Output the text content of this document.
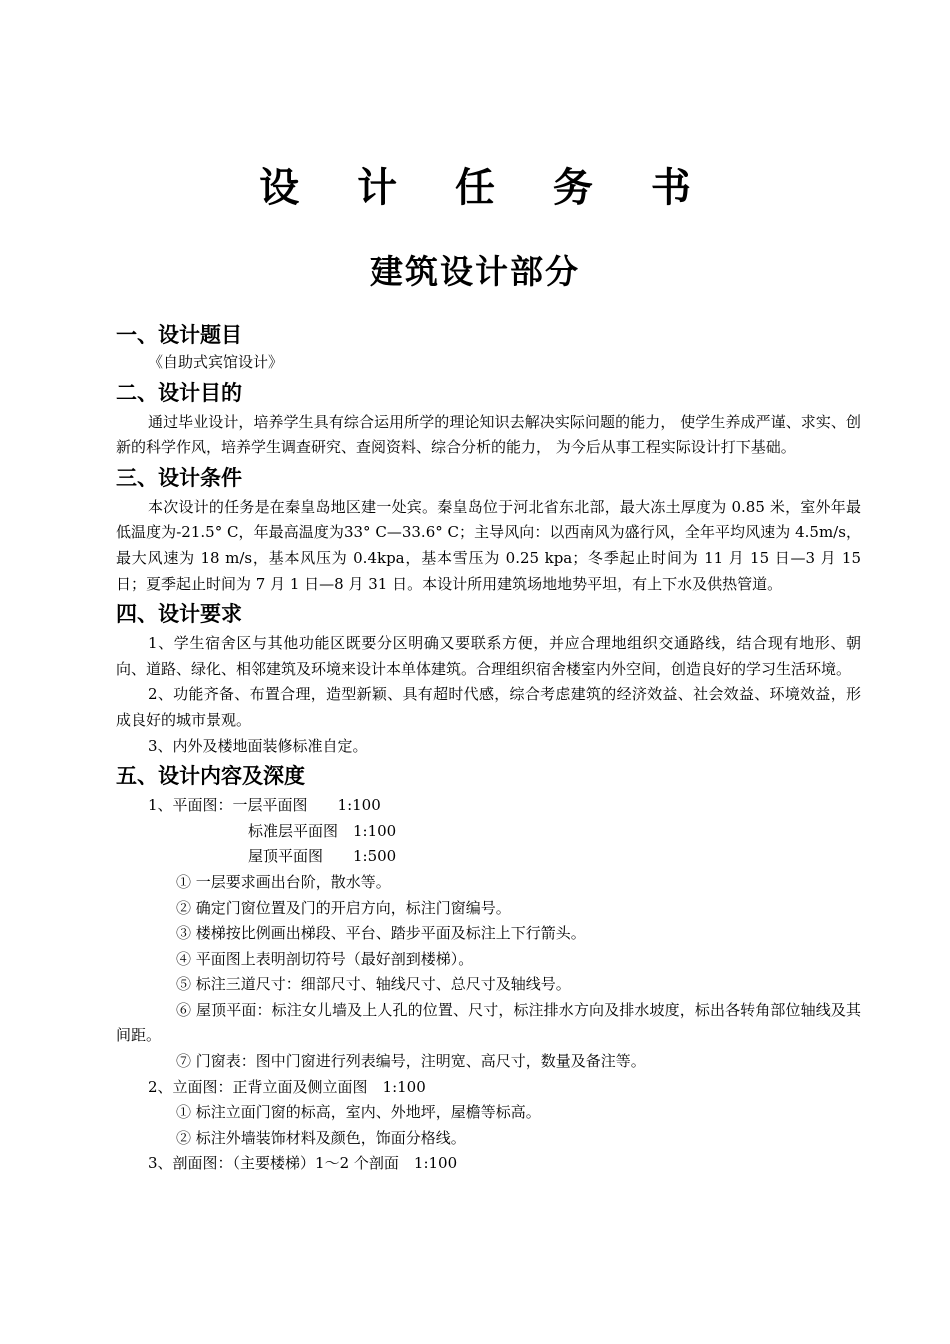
设 计 任 务 书
建筑设计部分
一、设计题目

《自助式宾馆设计》

二、设计目的

通过毕业设计，培养学生具有综合运用所学的理论知识去解决实际问题的能力， 使学生养成严谨、求实、创新的科学作风，培养学生调查研究、查阅资料、综合分析的能力， 为今后从事工程实际设计打下基础。

三、设计条件

本次设计的任务是在秦皇岛地区建一处宾。秦皇岛位于河北省东北部，最大冻土厚度为 0.85 米，室外年最低温度为-21.5° C，年最高温度为33° C—33.6° C；主导风向：以西南风为盛行风，全年平均风速为 4.5m/s，最大风速为 18 m/s，基本风压为 0.4kpa，基本雪压为 0.25 kpa；冬季起止时间为 11 月 15 日—3 月 15 日；夏季起止时间为 7 月 1 日—8 月 31 日。本设计所用建筑场地地势平坦，有上下水及供热管道。

四、设计要求

1、学生宿舍区与其他功能区既要分区明确又要联系方便，并应合理地组织交通路线，结合现有地形、朝向、道路、绿化、相邻建筑及环境来设计本单体建筑。合理组织宿舍楼室内外空间，创造良好的学习生活环境。

2、功能齐备、布置合理，造型新颖、具有超时代感，综合考虑建筑的经济效益、社会效益、环境效益，形成良好的城市景观。

3、内外及楼地面装修标准自定。

五、设计内容及深度

1、平面图：一层平面图　　1:100

标准层平面图　1:100

屋顶平面图　　1:500

① 一层要求画出台阶，散水等。

② 确定门窗位置及门的开启方向，标注门窗编号。

③ 楼梯按比例画出梯段、平台、踏步平面及标注上下行箭头。

④ 平面图上表明剖切符号（最好剖到楼梯）。

⑤ 标注三道尺寸：细部尺寸、轴线尺寸、总尺寸及轴线号。

⑥ 屋顶平面：标注女儿墙及上人孔的位置、尺寸，标注排水方向及排水坡度，标出各转角部位轴线及其间距。

⑦ 门窗表：图中门窗进行列表编号，注明宽、高尺寸，数量及备注等。

2、立面图：正背立面及侧立面图　1:100

① 标注立面门窗的标高，室内、外地坪，屋檐等标高。

② 标注外墙装饰材料及颜色，饰面分格线。

3、剖面图：（主要楼梯）1～2 个剖面　1:100
